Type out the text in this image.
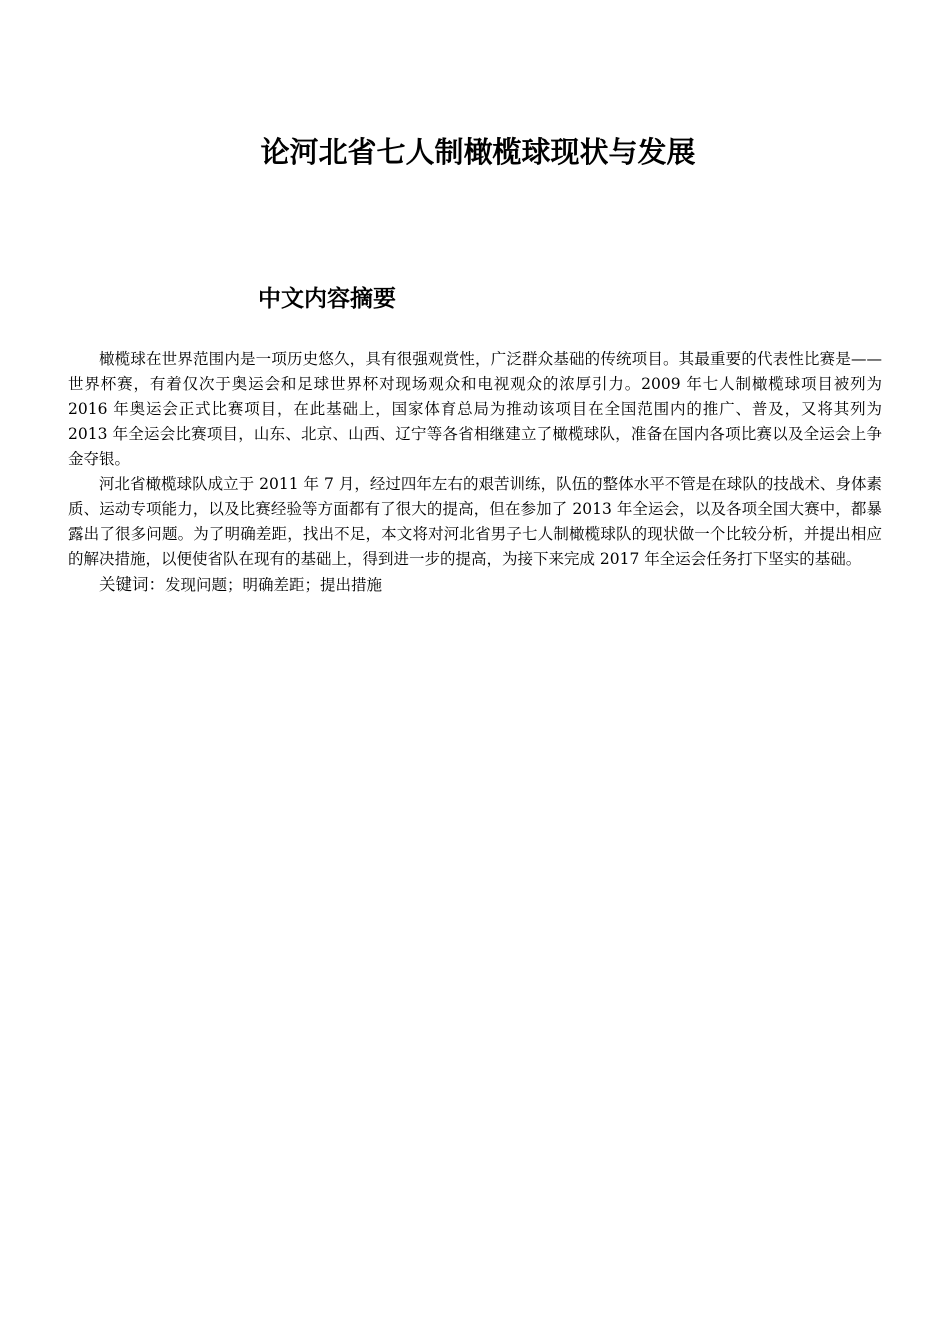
论河北省七人制橄榄球现状与发展
中文内容摘要

橄榄球在世界范围内是一项历史悠久，具有很强观赏性，广泛群众基础的传统项目。其最重要的代表性比赛是——世界杯赛，有着仅次于奥运会和足球世界杯对现场观众和电视观众的浓厚引力。2009 年七人制橄榄球项目被列为 2016 年奥运会正式比赛项目，在此基础上，国家体育总局为推动该项目在全国范围内的推广、普及，又将其列为 2013 年全运会比赛项目，山东、北京、山西、辽宁等各省相继建立了橄榄球队，准备在国内各项比赛以及全运会上争金夺银。

河北省橄榄球队成立于 2011 年 7 月，经过四年左右的艰苦训练，队伍的整体水平不管是在球队的技战术、身体素质、运动专项能力，以及比赛经验等方面都有了很大的提高，但在参加了 2013 年全运会，以及各项全国大赛中，都暴露出了很多问题。为了明确差距，找出不足，本文将对河北省男子七人制橄榄球队的现状做一个比较分析，并提出相应的解决措施，以便使省队在现有的基础上，得到进一步的提高，为接下来完成 2017 年全运会任务打下坚实的基础。

关键词：发现问题；明确差距；提出措施
